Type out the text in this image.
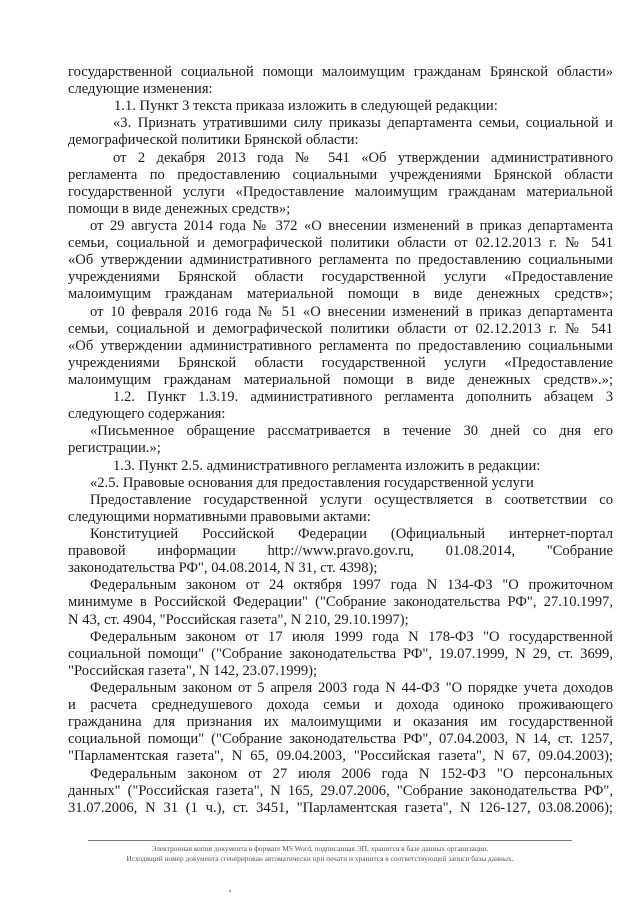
государственной социальной помощи малоимущим гражданам Брянской области»
следующие изменения:
1.1. Пункт 3 текста приказа изложить в следующей редакции:
«3. Признать утратившими силу приказы департамента семьи, социальной и
демографической политики Брянской области:
от 2 декабря 2013 года № 541 «Об утверждении административного
регламента по предоставлению социальными учреждениями Брянской области
государственной услуги «Предоставление малоимущим гражданам материальной
помощи в виде денежных средств»;
от 29 августа 2014 года № 372 «О внесении изменений в приказ департамента
семьи, социальной и демографической политики области от 02.12.2013 г. № 541
«Об утверждении административного регламента по предоставлению социальными
учреждениями Брянской области государственной услуги «Предоставление
малоимущим гражданам материальной помощи в виде денежных средств»;
от 10 февраля 2016 года № 51 «О внесении изменений в приказ департамента
семьи, социальной и демографической политики области от 02.12.2013 г. № 541
«Об утверждении административного регламента по предоставлению социальными
учреждениями Брянской области государственной услуги «Предоставление
малоимущим гражданам материальной помощи в виде денежных средств».»;
1.2. Пункт 1.3.19. административного регламента дополнить абзацем 3
следующего содержания:
«Письменное обращение рассматривается в течение 30 дней со дня его
регистрации.»;
1.3. Пункт 2.5. административного регламента изложить в редакции:
«2.5. Правовые основания для предоставления государственной услуги
Предоставление государственной услуги осуществляется в соответствии со
следующими нормативными правовыми актами:
Конституцией Российской Федерации (Официальный интернет-портал
правовой информации http://www.pravo.gov.ru, 01.08.2014, "Собрание
законодательства РФ", 04.08.2014, N 31, ст. 4398);
Федеральным законом от 24 октября 1997 года N 134-ФЗ "О прожиточном
минимуме в Российской Федерации" ("Собрание законодательства РФ", 27.10.1997,
N 43, ст. 4904, "Российская газета", N 210, 29.10.1997);
Федеральным законом от 17 июля 1999 года N 178-ФЗ "О государственной
социальной помощи" ("Собрание законодательства РФ", 19.07.1999, N 29, ст. 3699,
"Российская газета", N 142, 23.07.1999);
Федеральным законом от 5 апреля 2003 года N 44-ФЗ "О порядке учета доходов
и расчета среднедушевого дохода семьи и дохода одиноко проживающего
гражданина для признания их малоимущими и оказания им государственной
социальной помощи" ("Собрание законодательства РФ", 07.04.2003, N 14, ст. 1257,
"Парламентская газета", N 65, 09.04.2003, "Российская газета", N 67, 09.04.2003);
Федеральным законом от 27 июля 2006 года N 152-ФЗ "О персональных
данных" ("Российская газета", N 165, 29.07.2006, "Собрание законодательства РФ",
31.07.2006, N 31 (1 ч.), ст. 3451, "Парламентская газета", N 126-127, 03.08.2006);
Электронная копия документа в формате MS Word, подписанная ЭП, хранится в базе данных организации.
Исходящий номер документа сгенерирован автоматически при печати и хранится в соответствующей записи базы данных.
